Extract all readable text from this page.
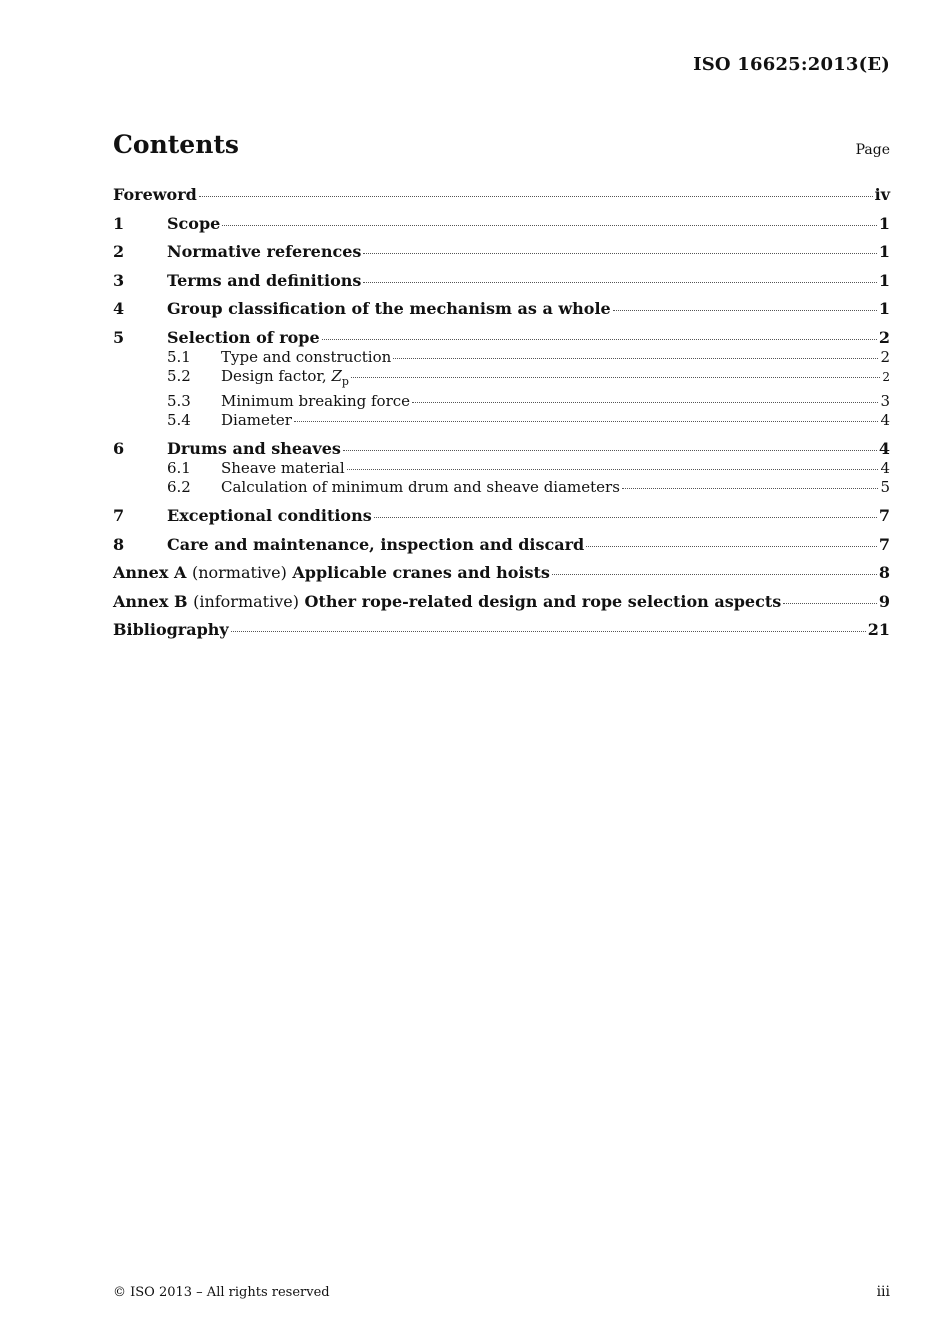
ISO 16625:2013(E)
Contents	Page
Foreword	iv
1	Scope	1
2	Normative references	1
3	Terms and definitions	1
4	Group classification of the mechanism as a whole	1
5	Selection of rope	2
5.1	Type and construction	2
5.2	Design factor, $Z_p$	2
5.3	Minimum breaking force	3
5.4	Diameter	4
6	Drums and sheaves	4
6.1	Sheave material	4
6.2	Calculation of minimum drum and sheave diameters	5
7	Exceptional conditions	7
8	Care and maintenance, inspection and discard	7
Annex A (normative) Applicable cranes and hoists	8
Annex B (informative) Other rope-related design and rope selection aspects	9
Bibliography	21
© ISO 2013 – All rights reserved	iii
